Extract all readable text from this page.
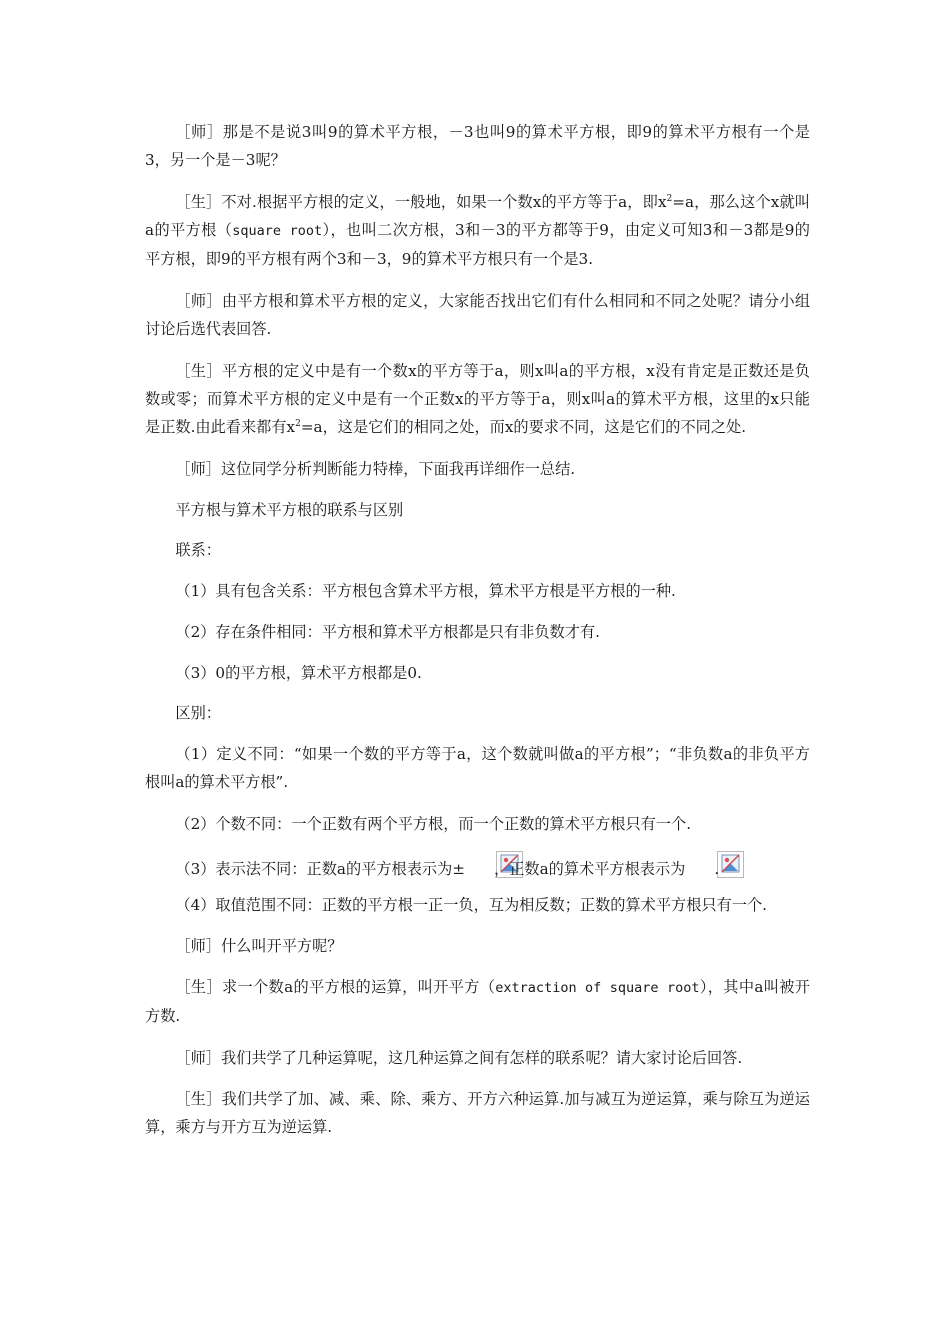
［师］那是不是说3叫9的算术平方根，－3也叫9的算术平方根，即9的算术平方根有一个是3，另一个是－3呢？

［生］不对.根据平方根的定义，一般地，如果一个数x的平方等于a，即$x^2=a$，那么这个x就叫a的平方根（square root），也叫二次方根，3和－3的平方都等于9，由定义可知3和－3都是9的平方根，即9的平方根有两个3和－3，9的算术平方根只有一个是3.

［师］由平方根和算术平方根的定义，大家能否找出它们有什么相同和不同之处呢？请分小组讨论后选代表回答.

［生］平方根的定义中是有一个数x的平方等于a，则x叫a的平方根，x没有肯定是正数还是负数或零；而算术平方根的定义中是有一个正数x的平方等于a，则x叫a的算术平方根，这里的x只能是正数.由此看来都有$x^2=a$，这是它们的相同之处，而x的要求不同，这是它们的不同之处.

［师］这位同学分析判断能力特棒，下面我再详细作一总结.

平方根与算术平方根的联系与区别

联系：

（1）具有包含关系：平方根包含算术平方根，算术平方根是平方根的一种.

（2）存在条件相同：平方根和算术平方根都是只有非负数才有.

（3）0的平方根，算术平方根都是0.

区别：

（1）定义不同：“如果一个数的平方等于a，这个数就叫做a的平方根”；“非负数a的非负平方根叫a的算术平方根”.

（2）个数不同：一个正数有两个平方根，而一个正数的算术平方根只有一个.

（3）表示法不同：正数a的平方根表示为± ，正数a的算术平方根表示为 .

（4）取值范围不同：正数的平方根一正一负，互为相反数；正数的算术平方根只有一个.

［师］什么叫开平方呢？

［生］求一个数a的平方根的运算，叫开平方（extraction of square root），其中a叫被开方数.

［师］我们共学了几种运算呢，这几种运算之间有怎样的联系呢？请大家讨论后回答.

［生］我们共学了加、减、乘、除、乘方、开方六种运算.加与减互为逆运算，乘与除互为逆运算，乘方与开方互为逆运算.
